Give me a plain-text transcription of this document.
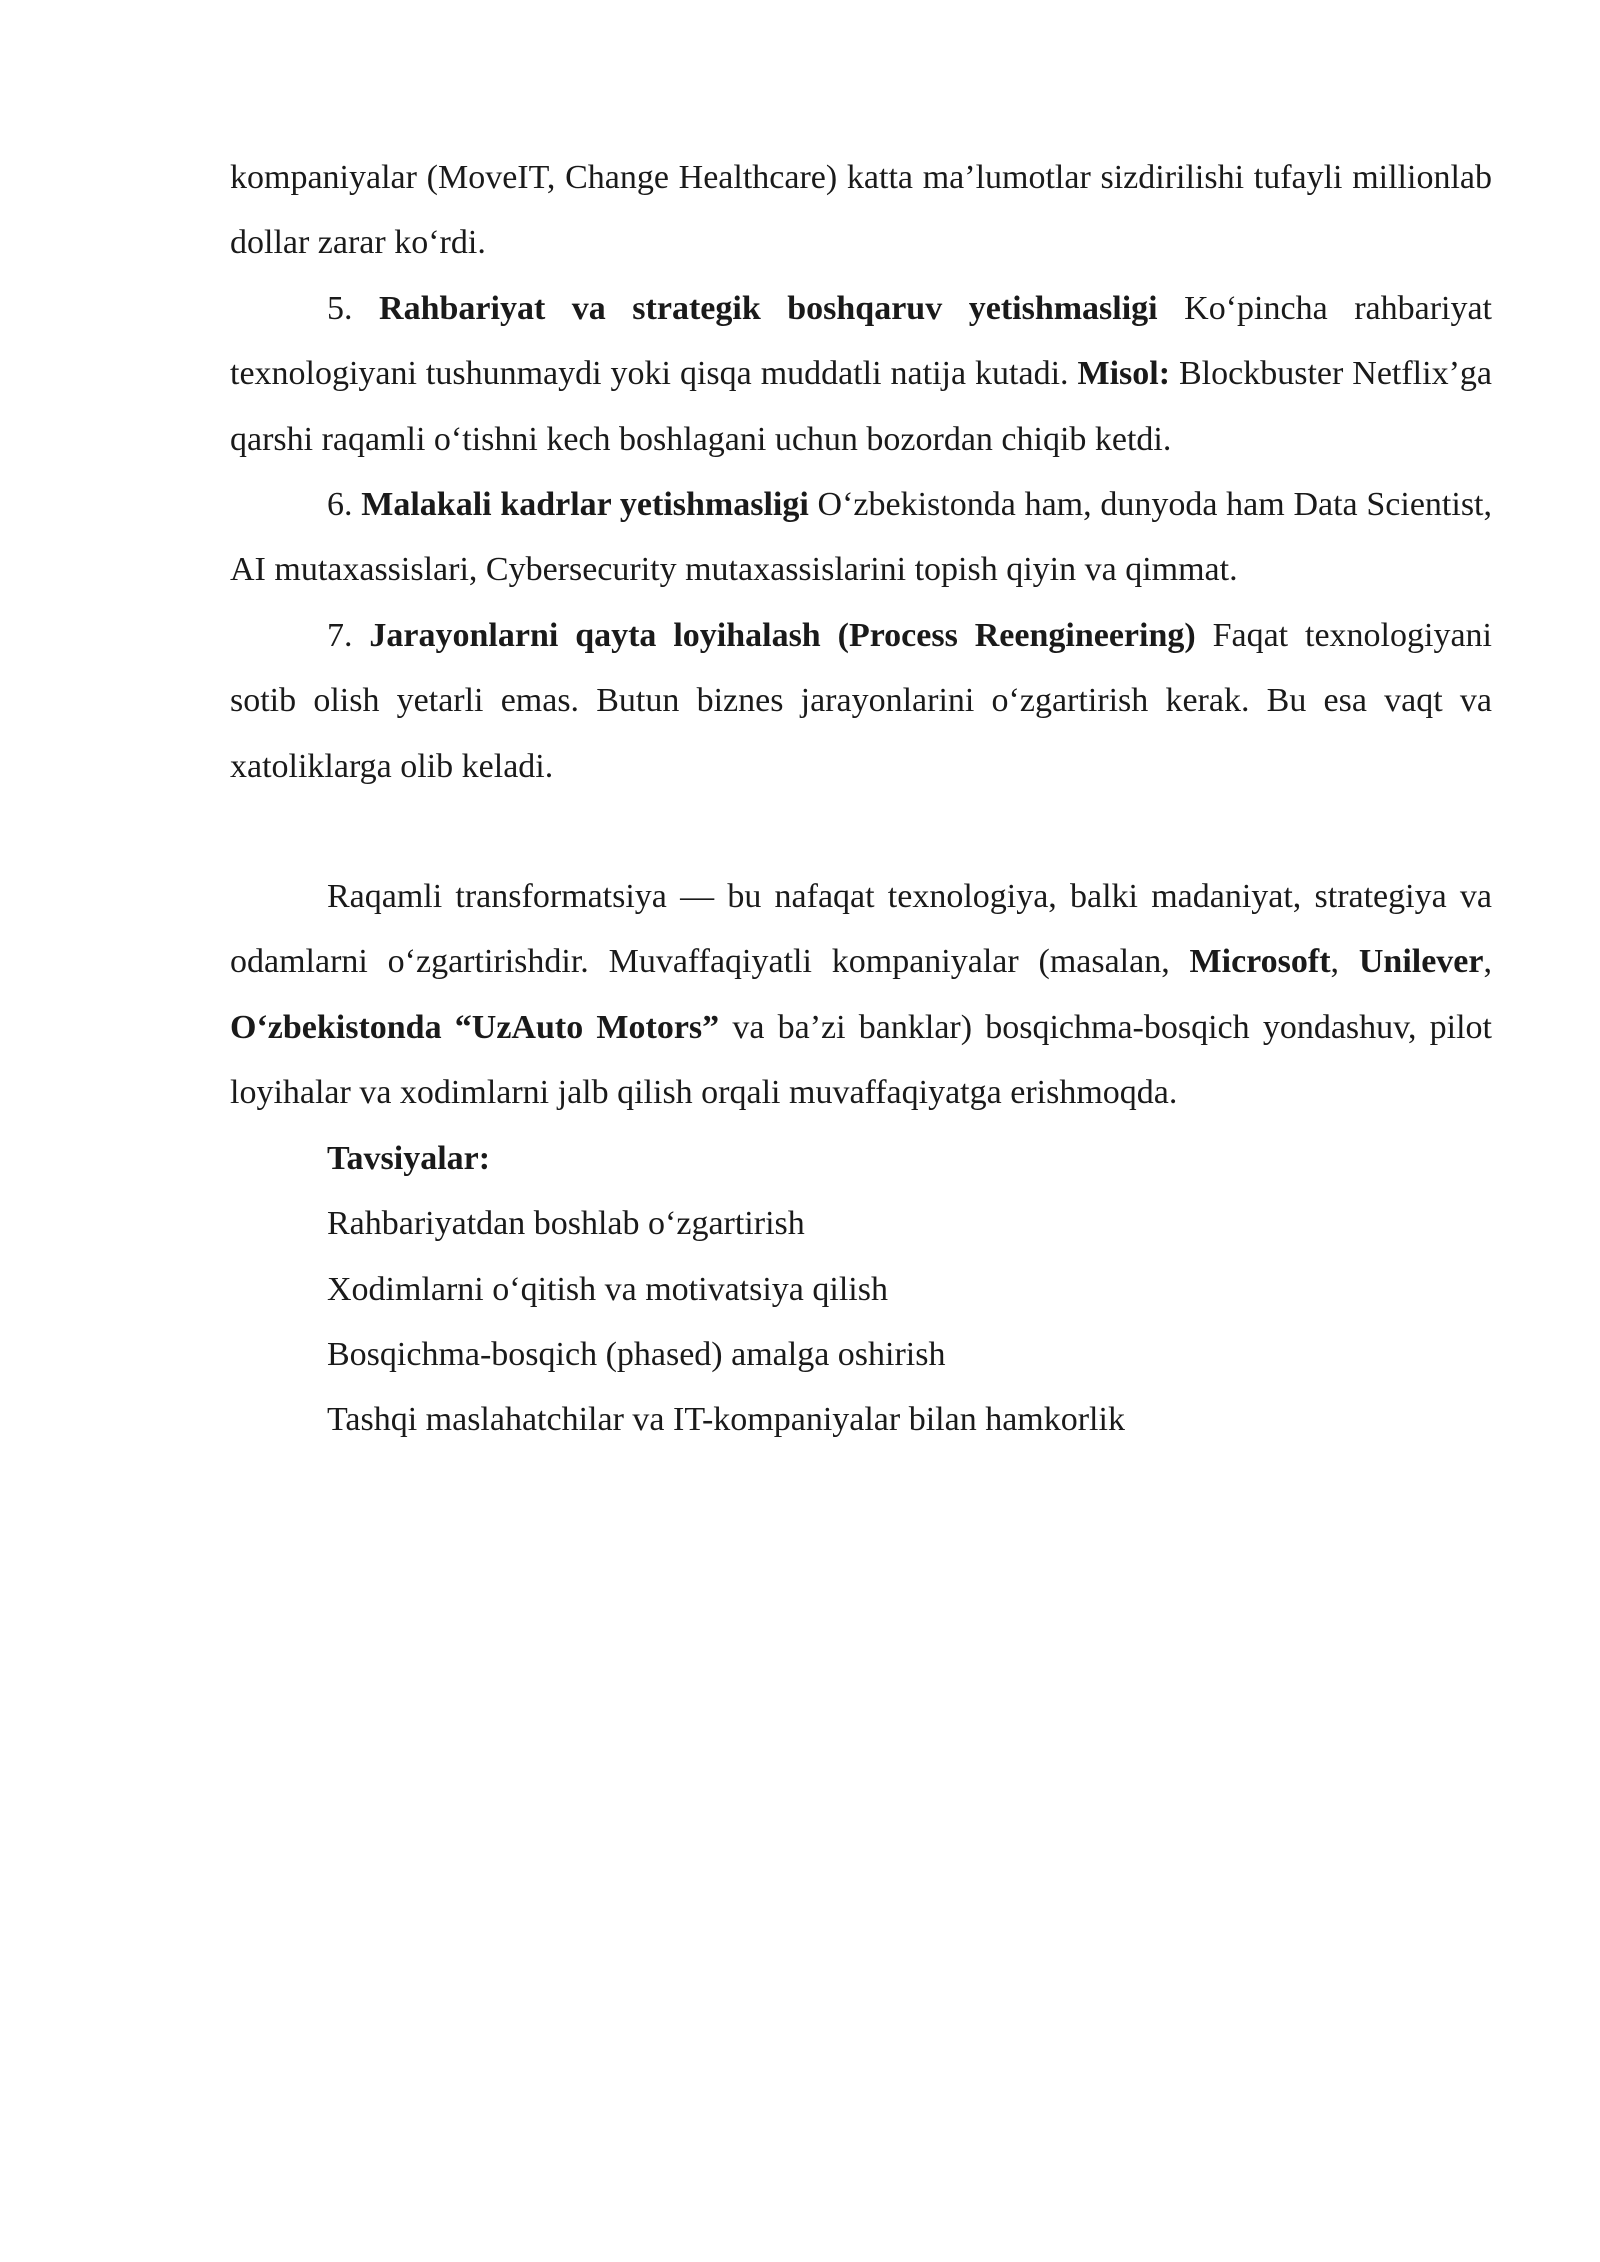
kompaniyalar (MoveIT, Change Healthcare) katta ma’lumotlar sizdirilishi tufayli millionlab dollar zarar ko‘rdi.

5. Rahbariyat va strategik boshqaruv yetishmasligi Ko‘pincha rahbariyat texnologiyani tushunmaydi yoki qisqa muddatli natija kutadi. Misol: Blockbuster Netflix’ga qarshi raqamli o‘tishni kech boshlagani uchun bozordan chiqib ketdi.

6. Malakali kadrlar yetishmasligi O‘zbekistonda ham, dunyoda ham Data Scientist, AI mutaxassislari, Cybersecurity mutaxassislarini topish qiyin va qimmat.

7. Jarayonlarni qayta loyihalash (Process Reengineering) Faqat texnologiyani sotib olish yetarli emas. Butun biznes jarayonlarini o‘zgartirish kerak. Bu esa vaqt va xatoliklarga olib keladi.

Raqamli transformatsiya — bu nafaqat texnologiya, balki madaniyat, strategiya va odamlarni o‘zgartirishdir. Muvaffaqiyatli kompaniyalar (masalan, Microsoft, Unilever, O‘zbekistonda “UzAuto Motors” va ba’zi banklar) bosqichma-bosqich yondashuv, pilot loyihalar va xodimlarni jalb qilish orqali muvaffaqiyatga erishmoqda.

Tavsiyalar:

Rahbariyatdan boshlab o‘zgartirish

Xodimlarni o‘qitish va motivatsiya qilish

Bosqichma-bosqich (phased) amalga oshirish

Tashqi maslahatchilar va IT-kompaniyalar bilan hamkorlik
